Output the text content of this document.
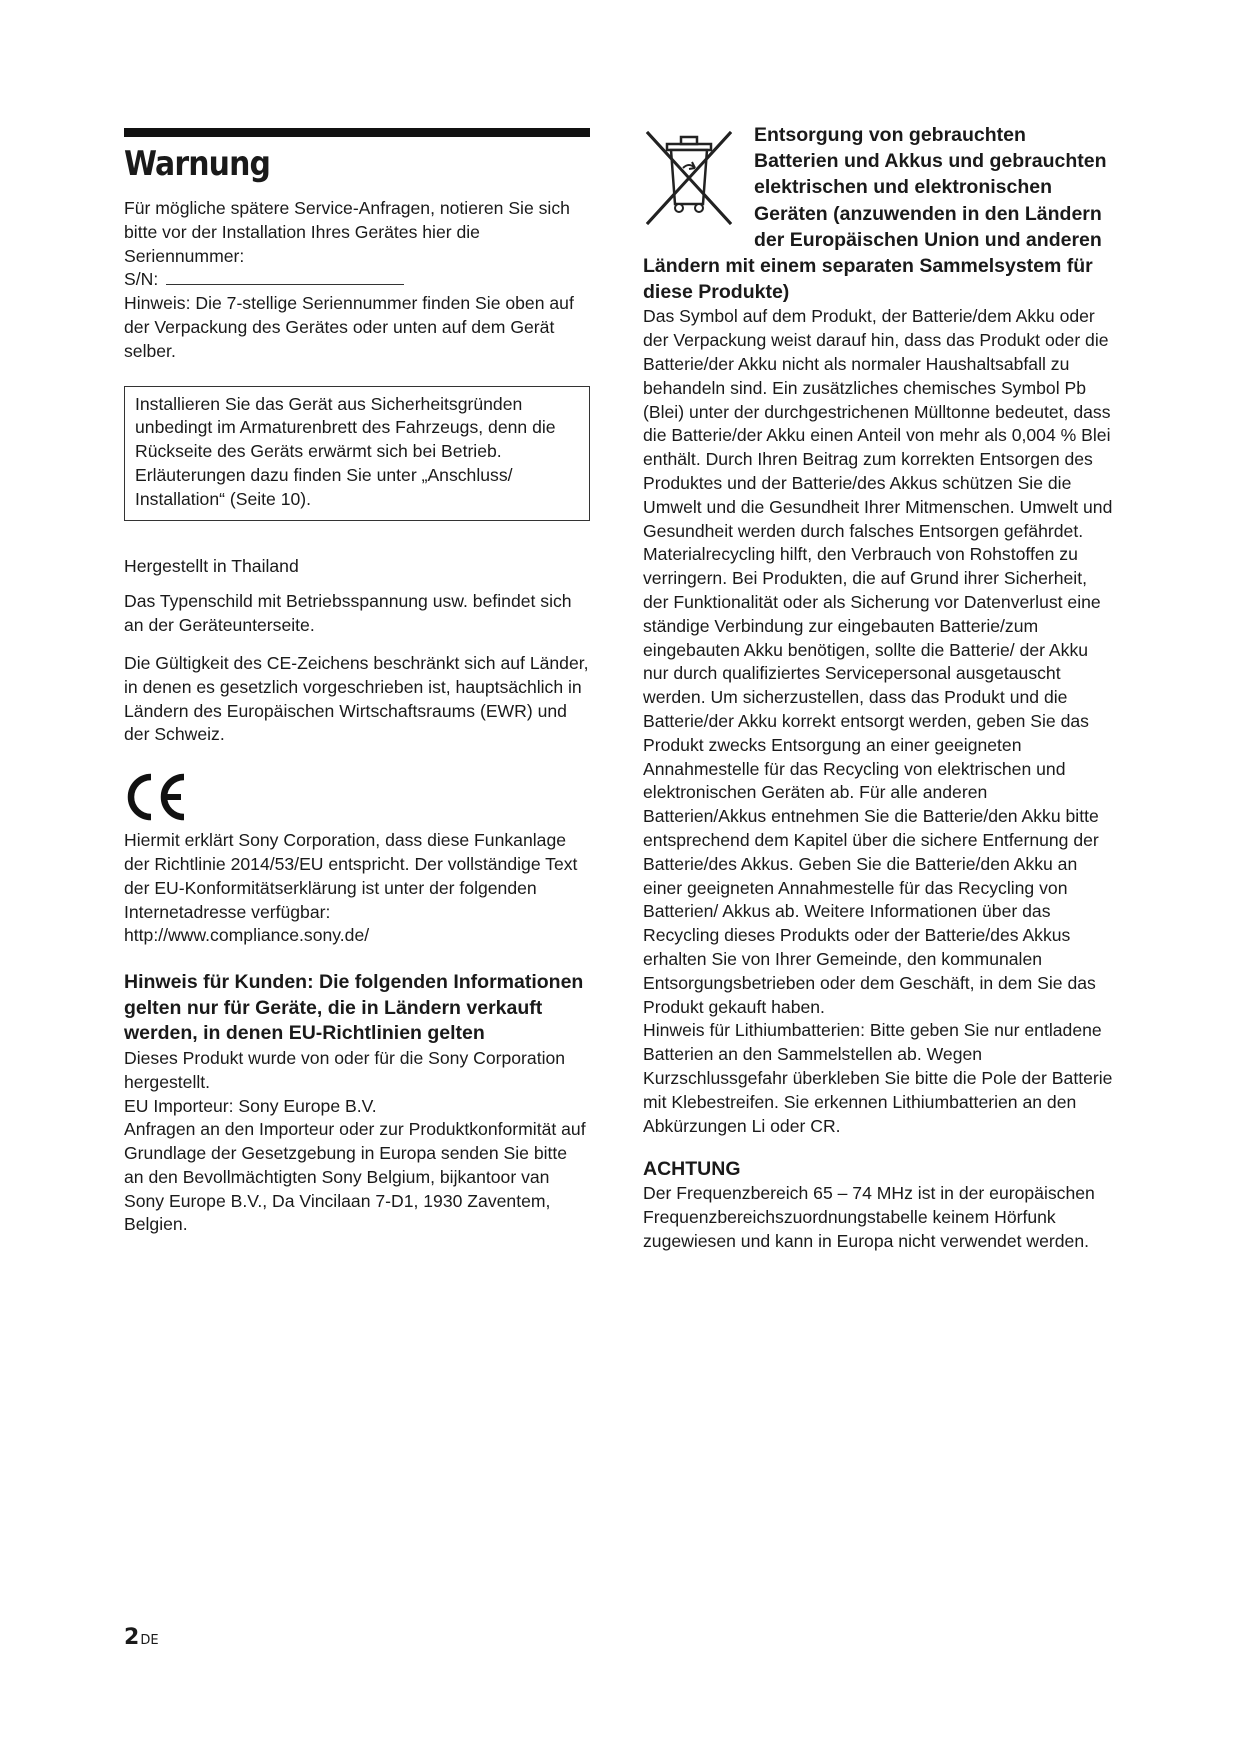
Warnung

Für mögliche spätere Service-Anfragen, notieren Sie sich bitte vor der Installation Ihres Gerätes hier die Seriennummer:

S/N:

Hinweis: Die 7-stellige Seriennummer finden Sie oben auf der Verpackung des Gerätes oder unten auf dem Gerät selber.

Installieren Sie das Gerät aus Sicherheitsgründen unbedingt im Armaturenbrett des Fahrzeugs, denn die Rückseite des Geräts erwärmt sich bei Betrieb.

Erläuterungen dazu finden Sie unter „Anschluss/ Installation“ (Seite 10).

Hergestellt in Thailand

Das Typenschild mit Betriebsspannung usw. befindet sich an der Geräteunterseite.

Die Gültigkeit des CE-Zeichens beschränkt sich auf Länder, in denen es gesetzlich vorgeschrieben ist, hauptsächlich in Ländern des Europäischen Wirtschaftsraums (EWR) und der Schweiz.

Hiermit erklärt Sony Corporation, dass diese Funkanlage der Richtlinie 2014/53/EU entspricht. Der vollständige Text der EU-Konformitätserklärung ist unter der folgenden Internetadresse verfügbar:

http://www.compliance.sony.de/

Hinweis für Kunden: Die folgenden Informationen gelten nur für Geräte, die in Ländern verkauft werden, in denen EU-Richtlinien gelten

Dieses Produkt wurde von oder für die Sony Corporation hergestellt.

EU Importeur: Sony Europe B.V.

Anfragen an den Importeur oder zur Produktkonformität auf Grundlage der Gesetzgebung in Europa senden Sie bitte an den Bevollmächtigten Sony Belgium, bijkantoor van Sony Europe B.V., Da Vincilaan 7-D1, 1930 Zaventem, Belgien.

Entsorgung von gebrauchten Batterien und Akkus und gebrauchten elektrischen und elektronischen Geräten (anzuwenden in den Ländern der Europäischen Union und anderen
Ländern mit einem separaten Sammelsystem für diese Produkte)

Das Symbol auf dem Produkt, der Batterie/dem Akku oder der Verpackung weist darauf hin, dass das Produkt oder die Batterie/der Akku nicht als normaler Haushaltsabfall zu behandeln sind. Ein zusätzliches chemisches Symbol Pb (Blei) unter der durchgestrichenen Mülltonne bedeutet, dass die Batterie/der Akku einen Anteil von mehr als 0,004 % Blei enthält. Durch Ihren Beitrag zum korrekten Entsorgen des Produktes und der Batterie/des Akkus schützen Sie die Umwelt und die Gesundheit Ihrer Mitmenschen. Umwelt und Gesundheit werden durch falsches Entsorgen gefährdet. Materialrecycling hilft, den Verbrauch von Rohstoffen zu verringern. Bei Produkten, die auf Grund ihrer Sicherheit, der Funktionalität oder als Sicherung vor Datenverlust eine ständige Verbindung zur eingebauten Batterie/zum eingebauten Akku benötigen, sollte die Batterie/ der Akku nur durch qualifiziertes Servicepersonal ausgetauscht werden. Um sicherzustellen, dass das Produkt und die Batterie/der Akku korrekt entsorgt werden, geben Sie das Produkt zwecks Entsorgung an einer geeigneten Annahmestelle für das Recycling von elektrischen und elektronischen Geräten ab. Für alle anderen Batterien/Akkus entnehmen Sie die Batterie/den Akku bitte entsprechend dem Kapitel über die sichere Entfernung der Batterie/des Akkus. Geben Sie die Batterie/den Akku an einer geeigneten Annahmestelle für das Recycling von Batterien/ Akkus ab. Weitere Informationen über das Recycling dieses Produkts oder der Batterie/des Akkus erhalten Sie von Ihrer Gemeinde, den kommunalen Entsorgungsbetrieben oder dem Geschäft, in dem Sie das Produkt gekauft haben.

Hinweis für Lithiumbatterien: Bitte geben Sie nur entladene Batterien an den Sammelstellen ab. Wegen Kurzschlussgefahr überkleben Sie bitte die Pole der Batterie mit Klebestreifen. Sie erkennen Lithiumbatterien an den Abkürzungen Li oder CR.

ACHTUNG

Der Frequenzbereich 65 – 74 MHz ist in der europäischen Frequenzbereichszuordnungstabelle keinem Hörfunk zugewiesen und kann in Europa nicht verwendet werden.

2DE
